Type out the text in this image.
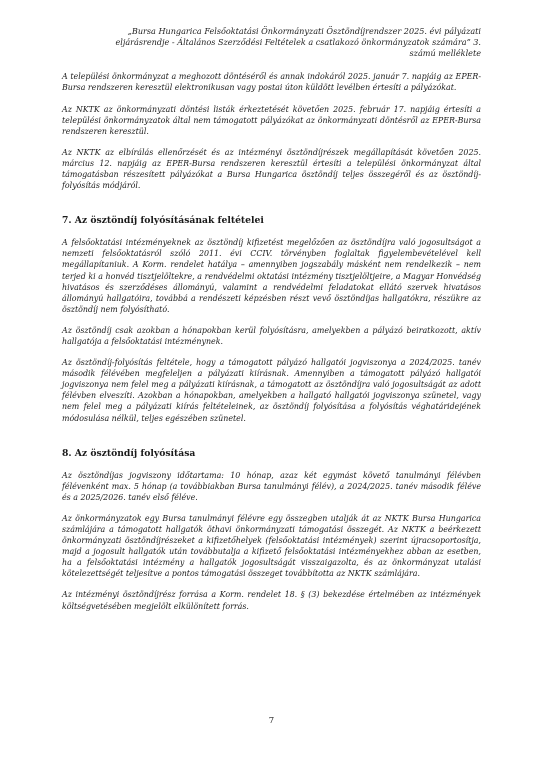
„Bursa Hungarica Felsőoktatási Önkormányzati Ösztöndíjrendszer 2025. évi pályázati eljárásrendje - Általános Szerződési Feltételek a csatlakozó önkormányzatok számára” 3. számú melléklete

A települési önkormányzat a meghozott döntéséről és annak indokáról 2025. január 7. napjáig az EPER-Bursa rendszeren keresztül elektronikusan vagy postai úton küldött levélben értesíti a pályázókat.

Az NKTK az önkormányzati döntési listák érkeztetését követően 2025. február 17. napjáig értesíti a települési önkormányzatok által nem támogatott pályázókat az önkormányzati döntésről az EPER-Bursa rendszeren keresztül.

Az NKTK az elbírálás ellenőrzését és az intézményi ösztöndíjrészek megállapítását követően 2025. március 12. napjáig az EPER-Bursa rendszeren keresztül értesíti a települési önkormányzat által támogatásban részesített pályázókat a Bursa Hungarica ösztöndíj teljes összegéről és az ösztöndíj-folyósítás módjáról.

7. Az ösztöndíj folyósításának feltételei

A felsőoktatási intézményeknek az ösztöndíj kifizetést megelőzően az ösztöndíjra való jogosultságot a nemzeti felsőoktatásról szóló 2011. évi CCIV. törvényben foglaltak figyelembevételével kell megállapítaniuk. A Korm. rendelet hatálya – amennyiben jogszabály másként nem rendelkezik – nem terjed ki a honvéd tisztjelöltekre, a rendvédelmi oktatási intézmény tisztjelöltjeire, a Magyar Honvédség hivatásos és szerződéses állományú, valamint a rendvédelmi feladatokat ellátó szervek hivatásos állományú hallgatóira, továbbá a rendészeti képzésben részt vevő ösztöndíjas hallgatókra, részükre az ösztöndíj nem folyósítható.

Az ösztöndíj csak azokban a hónapokban kerül folyósításra, amelyekben a pályázó beiratkozott, aktív hallgatója a felsőoktatási intézménynek.

Az ösztöndíj-folyósítás feltétele, hogy a támogatott pályázó hallgatói jogviszonya a 2024/2025. tanév második félévében megfeleljen a pályázati kiírásnak. Amennyiben a támogatott pályázó hallgatói jogviszonya nem felel meg a pályázati kiírásnak, a támogatott az ösztöndíjra való jogosultságát az adott félévben elveszíti. Azokban a hónapokban, amelyekben a hallgató hallgatói jogviszonya szünetel, vagy nem felel meg a pályázati kiírás feltételeinek, az ösztöndíj folyósítása a folyósítás véghatáridejének módosulása nélkül, teljes egészében szünetel.

8. Az ösztöndíj folyósítása

Az ösztöndíjas jogviszony időtartama: 10 hónap, azaz két egymást követő tanulmányi félévben félévenként max. 5 hónap (a továbbiakban Bursa tanulmányi félév), a 2024/2025. tanév második féléve és a 2025/2026. tanév első féléve.

Az önkormányzatok egy Bursa tanulmányi félévre egy összegben utalják át az NKTK Bursa Hungarica számlájára a támogatott hallgatók öthavi önkormányzati támogatási összegét. Az NKTK a beérkezett önkormányzati ösztöndíjrészeket a kifizetőhelyek (felsőoktatási intézmények) szerint újracsoportosítja, majd a jogosult hallgatók után továbbutalja a kifizető felsőoktatási intézményekhez abban az esetben, ha a felsőoktatási intézmény a hallgatók jogosultságát visszaigazolta, és az önkormányzat utalási kötelezettségét teljesítve a pontos támogatási összeget továbbította az NKTK számlájára.

Az intézményi ösztöndíjrész forrása a Korm. rendelet 18. § (3) bekezdése értelmében az intézmények költségvetésében megjelölt elkülönített forrás.

7
